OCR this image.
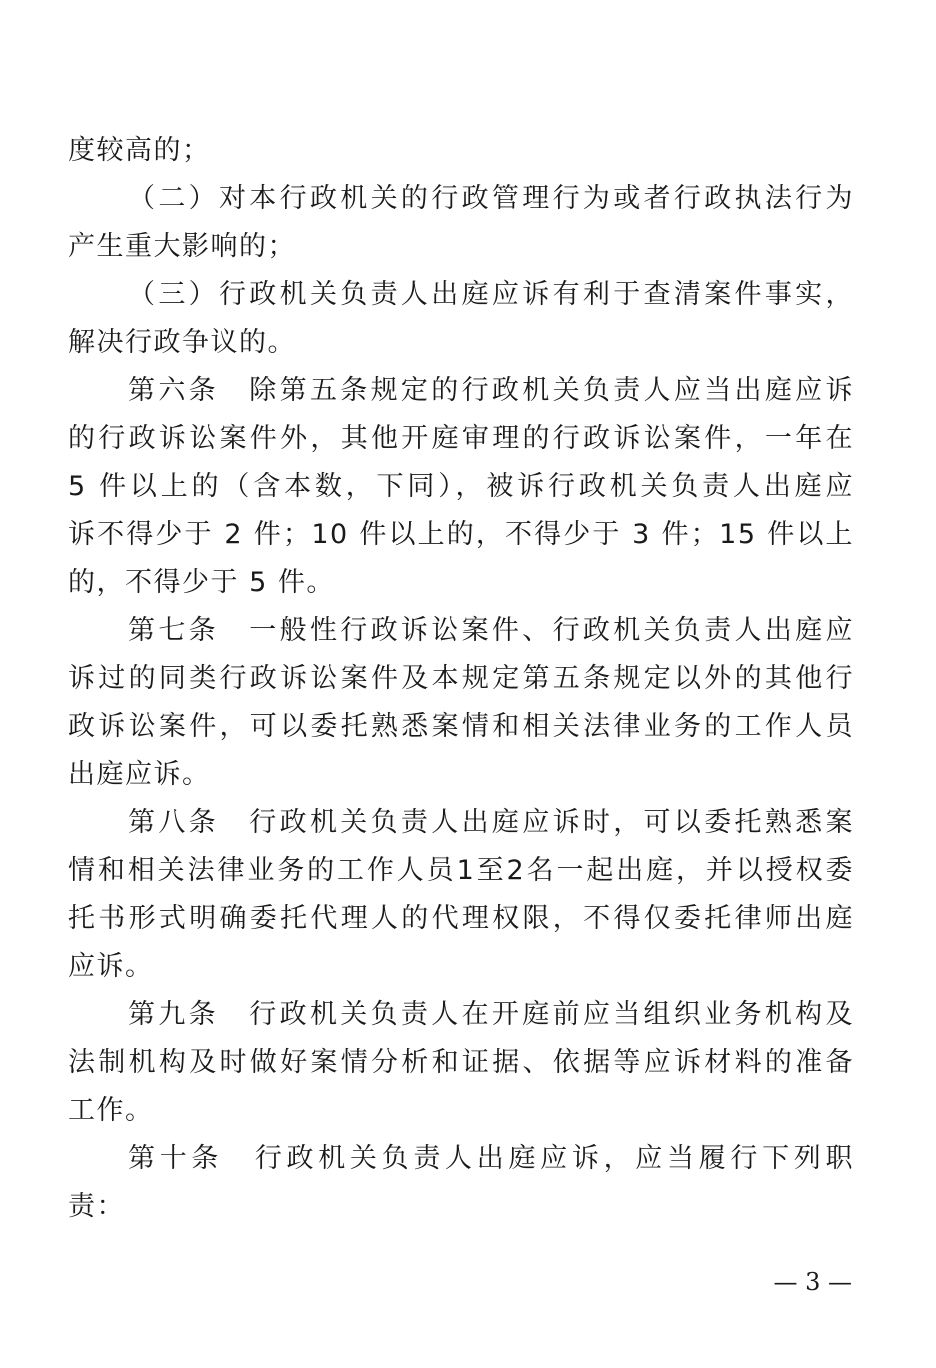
度较高的；
（二）对本行政机关的行政管理行为或者行政执法行为
产生重大影响的；
（三）行政机关负责人出庭应诉有利于查清案件事实，
解决行政争议的。
第六条　除第五条规定的行政机关负责人应当出庭应诉
的行政诉讼案件外，其他开庭审理的行政诉讼案件，一年在
5 件以上的（含本数，下同），被诉行政机关负责人出庭应
诉不得少于 2 件；10 件以上的，不得少于 3 件；15 件以上
的，不得少于 5 件。
第七条　一般性行政诉讼案件、行政机关负责人出庭应
诉过的同类行政诉讼案件及本规定第五条规定以外的其他行
政诉讼案件，可以委托熟悉案情和相关法律业务的工作人员
出庭应诉。
第八条　行政机关负责人出庭应诉时，可以委托熟悉案
情和相关法律业务的工作人员1至2名一起出庭，并以授权委
托书形式明确委托代理人的代理权限，不得仅委托律师出庭
应诉。
第九条　行政机关负责人在开庭前应当组织业务机构及
法制机构及时做好案情分析和证据、依据等应诉材料的准备
工作。
第十条　行政机关负责人出庭应诉，应当履行下列职
责：
— 3 —
